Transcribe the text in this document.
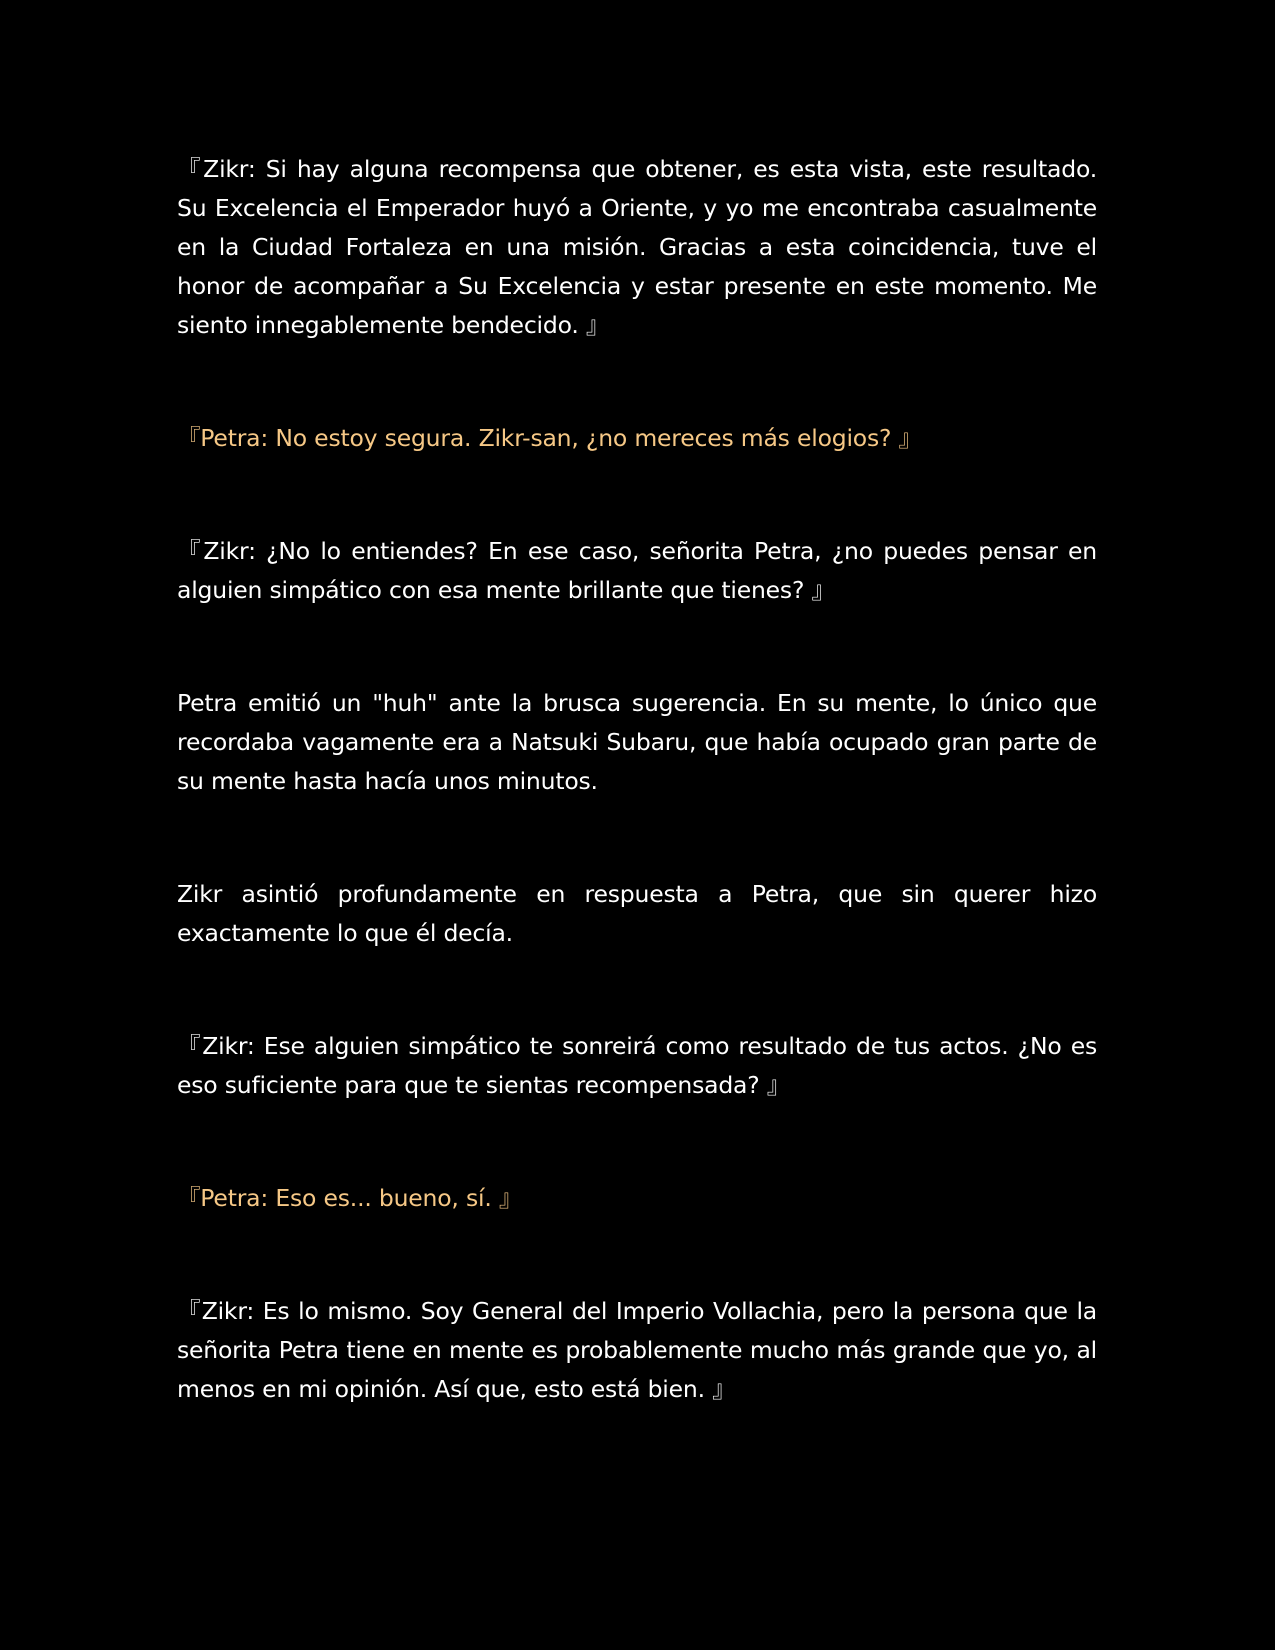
『Zikr: Si hay alguna recompensa que obtener, es esta vista, este resultado. Su Excelencia el Emperador huyó a Oriente, y yo me encontraba casualmente en la Ciudad Fortaleza en una misión. Gracias a esta coincidencia, tuve el honor de acompañar a Su Excelencia y estar presente en este momento. Me siento innegablemente bendecido. 』

『Petra: No estoy segura. Zikr-san, ¿no mereces más elogios? 』

『Zikr: ¿No lo entiendes? En ese caso, señorita Petra, ¿no puedes pensar en alguien simpático con esa mente brillante que tienes? 』

Petra emitió un "huh" ante la brusca sugerencia. En su mente, lo único que recordaba vagamente era a Natsuki Subaru, que había ocupado gran parte de su mente hasta hacía unos minutos.

Zikr asintió profundamente en respuesta a Petra, que sin querer hizo exactamente lo que él decía.

『Zikr: Ese alguien simpático te sonreirá como resultado de tus actos. ¿No es eso suficiente para que te sientas recompensada? 』

『Petra: Eso es... bueno, sí. 』

『Zikr: Es lo mismo. Soy General del Imperio Vollachia, pero la persona que la señorita Petra tiene en mente es probablemente mucho más grande que yo, al menos en mi opinión. Así que, esto está bien. 』
